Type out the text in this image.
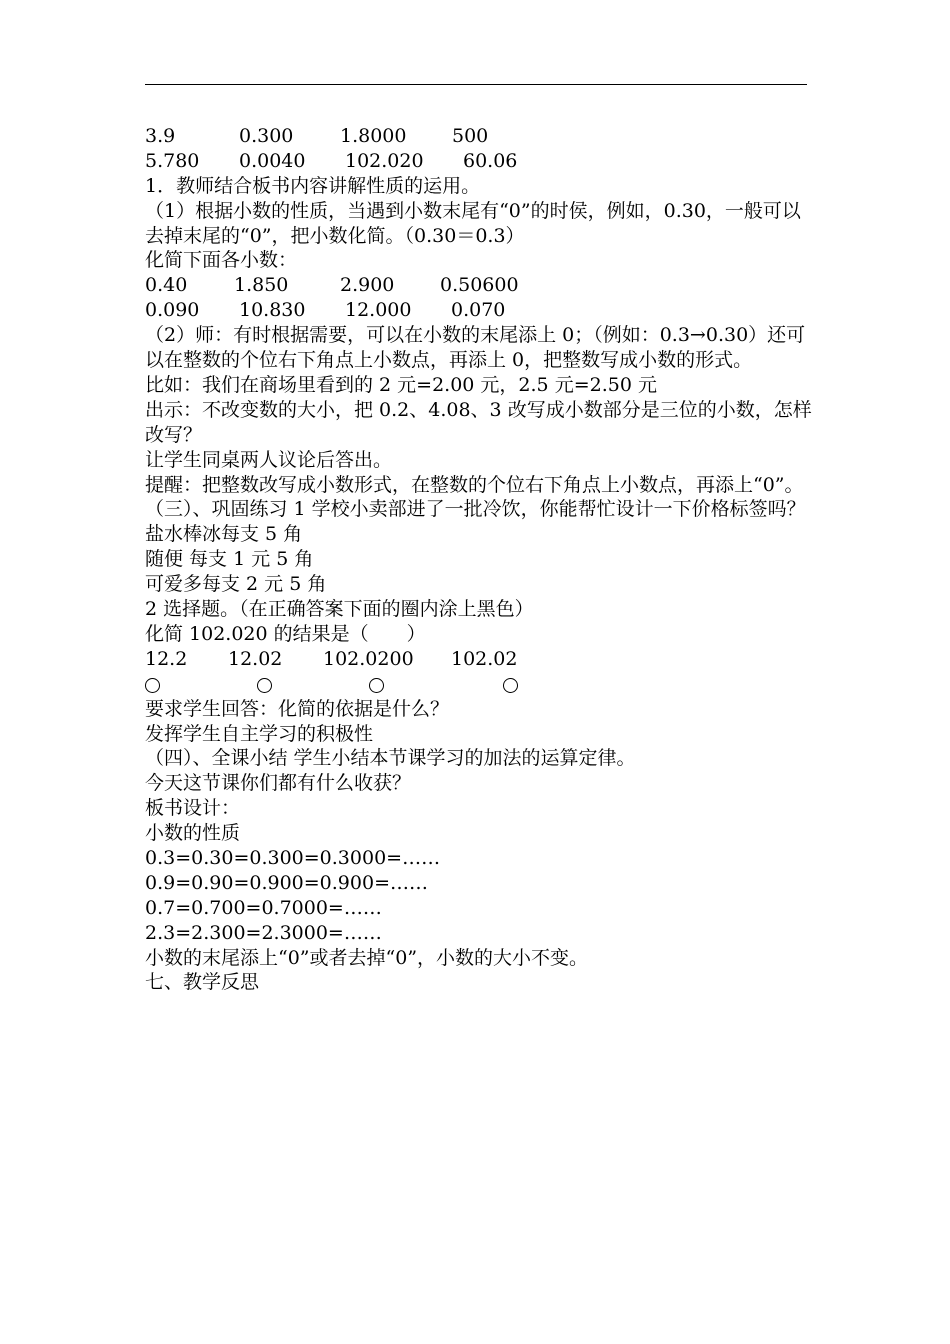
3.9	0.300	1.8000	500
5.780	0.0040	102.020	60.06
1．教师结合板书内容讲解性质的运用。
（1）根据小数的性质，当遇到小数末尾有“0”的时侯，例如，0.30，一般可以去掉末尾的“0”，把小数化简。（0.30＝0.3）
化简下面各小数：
0.40	1.850	2.900	0.50600
0.090	10.830	12.000	0.070
（2）师：有时根据需要，可以在小数的末尾添上 0；（例如：0.3→0.30）还可以在整数的个位右下角点上小数点，再添上 0，把整数写成小数的形式。
比如：我们在商场里看到的 2 元=2.00 元，2.5 元=2.50 元
出示：不改变数的大小，把 0.2、4.08、3 改写成小数部分是三位的小数，怎样改写？
让学生同桌两人议论后答出。
提醒：把整数改写成小数形式，在整数的个位右下角点上小数点，再添上“0”。
（三）、巩固练习 1 学校小卖部进了一批冷饮，你能帮忙设计一下价格标签吗？
盐水棒冰每支 5 角
随便 每支 1 元 5 角
可爱多每支 2 元 5 角
2 选择题。（在正确答案下面的圈内涂上黑色）
化简 102.020 的结果是（　　）
12.2	12.02	102.0200	102.02
要求学生回答：化简的依据是什么？
发挥学生自主学习的积极性
（四）、全课小结 学生小结本节课学习的加法的运算定律。
今天这节课你们都有什么收获？
板书设计：
小数的性质
0.3=0.30=0.300=0.3000=……
0.9=0.90=0.900=0.900=……
0.7=0.700=0.7000=……
2.3=2.300=2.3000=……
小数的末尾添上“0”或者去掉“0”，小数的大小不变。
七、教学反思
